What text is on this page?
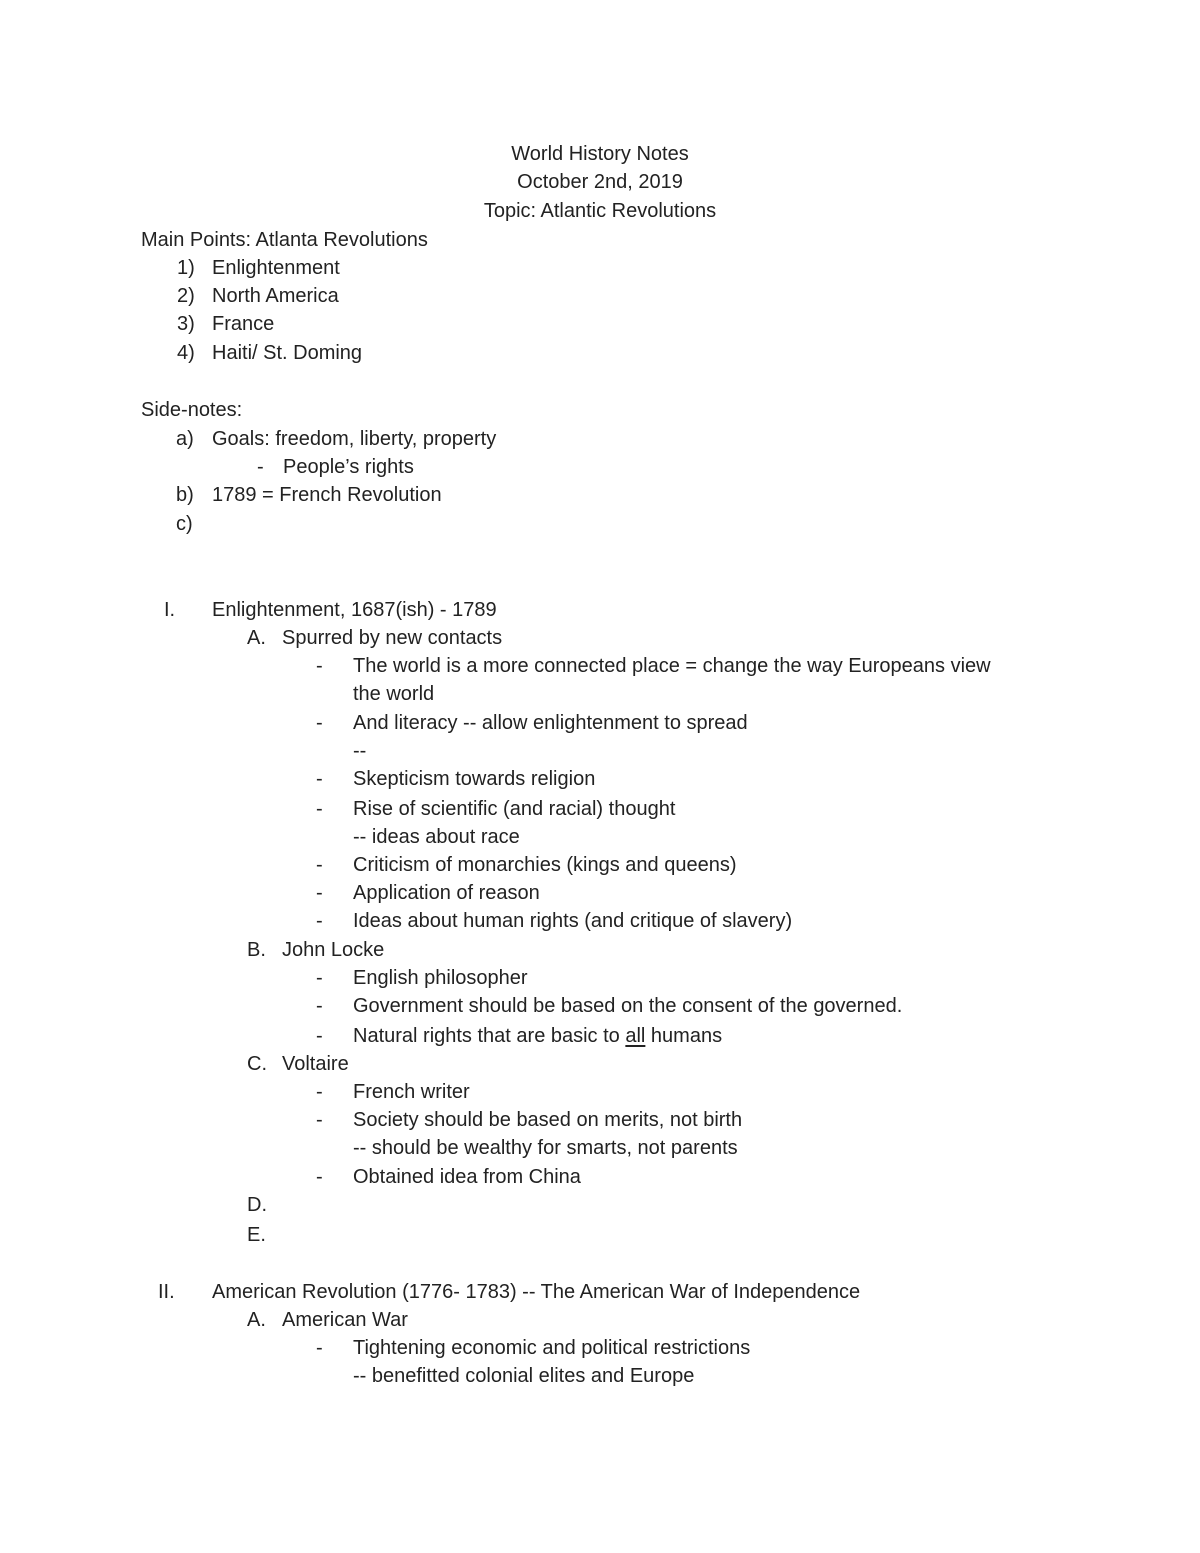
World History Notes
October 2nd, 2019
Topic: Atlantic Revolutions
Main Points: Atlanta Revolutions
1) Enlightenment
2) North America
3) France
4) Haiti/ St. Doming
Side-notes:
a) Goals: freedom, liberty, property
- People’s rights
b) 1789 = French Revolution
c)
I. Enlightenment, 1687(ish) - 1789
A. Spurred by new contacts
- The world is a more connected place = change the way Europeans view
the world
- And literacy -- allow enlightenment to spread
--
- Skepticism towards religion
- Rise of scientific (and racial) thought
-- ideas about race
- Criticism of monarchies (kings and queens)
- Application of reason
- Ideas about human rights (and critique of slavery)
B. John Locke
- English philosopher
- Government should be based on the consent of the governed.
- Natural rights that are basic to all humans
C. Voltaire
- French writer
- Society should be based on merits, not birth
-- should be wealthy for smarts, not parents
- Obtained idea from China
D.
E.
II. American Revolution (1776- 1783) -- The American War of Independence
A. American War
- Tightening economic and political restrictions
-- benefitted colonial elites and Europe
